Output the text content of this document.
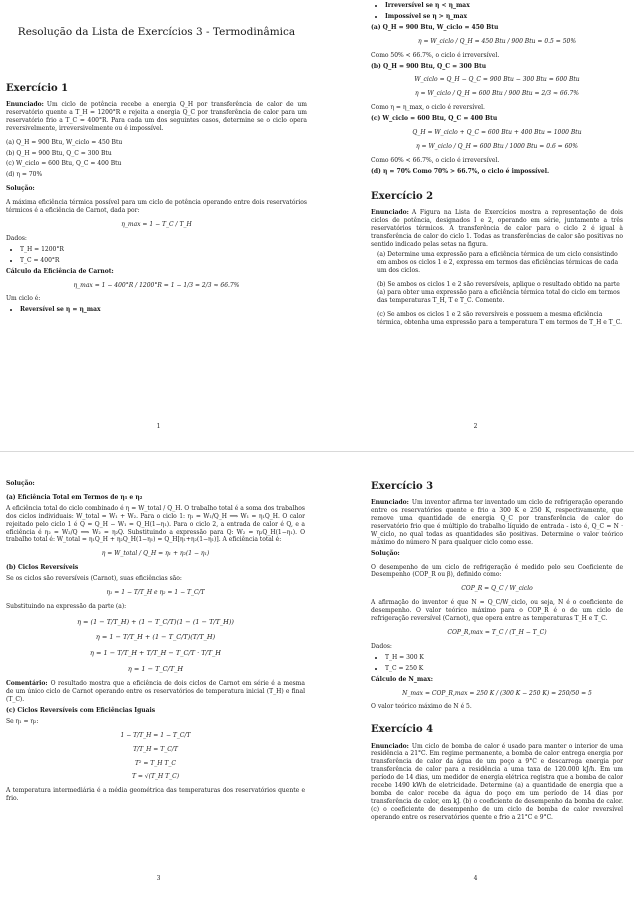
Resolução da Lista de Exercícios 3 - Termodinâmica
Exercício 1

Enunciado: Um ciclo de potência recebe a energia Q_H por transferência de calor de um reservatório quente a T_H = 1200°R e rejeita a energia Q_C por transferência de calor para um reservatório frio a T_C = 400°R. Para cada um dos seguintes casos, determine se o ciclo opera reversivelmente, irreversivelmente ou é impossível.

(a) Q_H = 900 Btu, W_ciclo = 450 Btu

(b) Q_H = 900 Btu, Q_C = 300 Btu

(c) W_ciclo = 600 Btu, Q_C = 400 Btu

(d) η = 70%

Solução:

A máxima eficiência térmica possível para um ciclo de potência operando entre dois reservatórios térmicos é a eficiência de Carnot, dada por:

η_max = 1 − T_C / T_H

Dados:

• T_H = 1200°R
• T_C = 400°R

Cálculo da Eficiência de Carnot:

η_max = 1 − 400°R / 1200°R = 1 − 1/3 = 2/3 ≈ 66.7%

Um ciclo é:

• Reversível se η = η_max
1
• Irreversível se η < η_max
• Impossível se η > η_max

(a) Q_H = 900 Btu, W_ciclo = 450 Btu

η = W_ciclo / Q_H = 450 Btu / 900 Btu = 0.5 = 50%

Como 50% < 66.7%, o ciclo é irreversível.

(b) Q_H = 900 Btu, Q_C = 300 Btu

W_ciclo = Q_H − Q_C = 900 Btu − 300 Btu = 600 Btu
η = W_ciclo / Q_H = 600 Btu / 900 Btu = 2/3 ≈ 66.7%

Como η = η_max, o ciclo é reversível.

(c) W_ciclo = 600 Btu, Q_C = 400 Btu

Q_H = W_ciclo + Q_C = 600 Btu + 400 Btu = 1000 Btu
η = W_ciclo / Q_H = 600 Btu / 1000 Btu = 0.6 = 60%

Como 60% < 66.7%, o ciclo é irreversível.

(d) η = 70% Como 70% > 66.7%, o ciclo é impossível.

Exercício 2

Enunciado: A Figura na Lista de Exercícios mostra a representação de dois ciclos de potência, designados I e 2, operando em série, juntamente a três reservatórios térmicos. A transferência de calor para o ciclo 2 é igual à transferência de calor do ciclo 1. Todas as transferências de calor são positivas no sentido indicado pelas setas na figura.

(a) Determine uma expressão para a eficiência térmica de um ciclo consistindo em ambos os ciclos 1 e 2, expressa em termos das eficiências térmicas de cada um dos ciclos.
(b) Se ambos os ciclos 1 e 2 são reversíveis, aplique o resultado obtido na parte (a) para obter uma expressão para a eficiência térmica total do ciclo em termos das temperaturas T_H, T e T_C. Comente.
(c) Se ambos os ciclos 1 e 2 são reversíveis e possuem a mesma eficiência térmica, obtenha uma expressão para a temperatura T em termos de T_H e T_C.
2

Solução:

(a) Eficiência Total em Termos de η₁ e η₂

A eficiência total do ciclo combinado é η = W_total / Q_H. O trabalho total é a soma dos trabalhos dos ciclos individuais: W_total = W₁ + W₂. Para o ciclo 1: η₁ = W₁/Q_H ⟹ W₁ = η₁Q_H. O calor rejeitado pelo ciclo 1 é Q = Q_H − W₁ = Q_H(1−η₁). Para o ciclo 2, a entrada de calor é Q, e a eficiência é η₂ = W₂/Q ⟹ W₂ = η₂Q. Substituindo a expressão para Q: W₂ = η₂Q_H(1−η₁). O trabalho total é: W_total = η₁Q_H + η₂Q_H(1−η₁) = Q_H[η₁+η₂(1−η₁)]. A eficiência total é:

η = W_total / Q_H = η₁ + η₂(1 − η₁)

(b) Ciclos Reversíveis

Se os ciclos são reversíveis (Carnot), suas eficiências são:

η₁ = 1 − T/T_H e η₂ = 1 − T_C/T

Substituindo na expressão da parte (a):

η = (1 − T/T_H) + (1 − T_C/T)(1 − (1 − T/T_H))
η = 1 − T/T_H + (1 − T_C/T)(T/T_H)
η = 1 − T/T_H + T/T_H − T_C/T · T/T_H
η = 1 − T_C/T_H

Comentário: O resultado mostra que a eficiência de dois ciclos de Carnot em série é a mesma de um único ciclo de Carnot operando entre os reservatórios de temperatura inicial (T_H) e final (T_C).

(c) Ciclos Reversíveis com Eficiências Iguais

Se η₁ = η₂:

1 − T/T_H = 1 − T_C/T
T/T_H = T_C/T
T² = T_H T_C
T = √(T_H T_C)

A temperatura intermediária é a média geométrica das temperaturas dos reservatórios quente e frio.

3
Exercício 3

Enunciado: Um inventor afirma ter inventado um ciclo de refrigeração operando entre os reservatórios quente e frio a 300 K e 250 K, respectivamente, que remove uma quantidade de energia Q_C por transferência de calor do reservatório frio que é múltiplo do trabalho líquido de entrada - isto é, Q_C = N · W_ciclo, no qual todas as quantidades são positivas. Determine o valor teórico máximo do número N para qualquer ciclo como esse.

Solução:

O desempenho de um ciclo de refrigeração é medido pelo seu Coeficiente de Desempenho (COP_R ou β), definido como:

COP_R = Q_C / W_ciclo

A afirmação do inventor é que N = Q_C/W_ciclo, ou seja, N é o coeficiente de desempenho. O valor teórico máximo para o COP_R é o de um ciclo de refrigeração reversível (Carnot), que opera entre as temperaturas T_H e T_C.

COP_R,max = T_C / (T_H − T_C)

Dados:

• T_H = 300 K
• T_C = 250 K

Cálculo de N_max:

N_max = COP_R,max = 250 K / (300 K − 250 K) = 250/50 = 5

O valor teórico máximo de N é 5.

Exercício 4

Enunciado: Um ciclo de bomba de calor é usado para manter o interior de uma residência a 21°C. Em regime permanente, a bomba de calor entrega energia por transferência de calor da água de um poço a 9°C e descarrega energia por transferência de calor para a residência a uma taxa de 120.000 kJ/h. Em um período de 14 dias, um medidor de energia elétrica registra que a bomba de calor recebe 1490 kWh de eletricidade. Determine (a) a quantidade de energia que a bomba de calor recebe da água do poço em um período de 14 dias por transferência de calor, em kJ. (b) o coeficiente de desempenho da bomba de calor. (c) o coeficiente de desempenho de um ciclo de bomba de calor reversível operando entre os reservatórios quente e frio a 21°C e 9°C.

4
